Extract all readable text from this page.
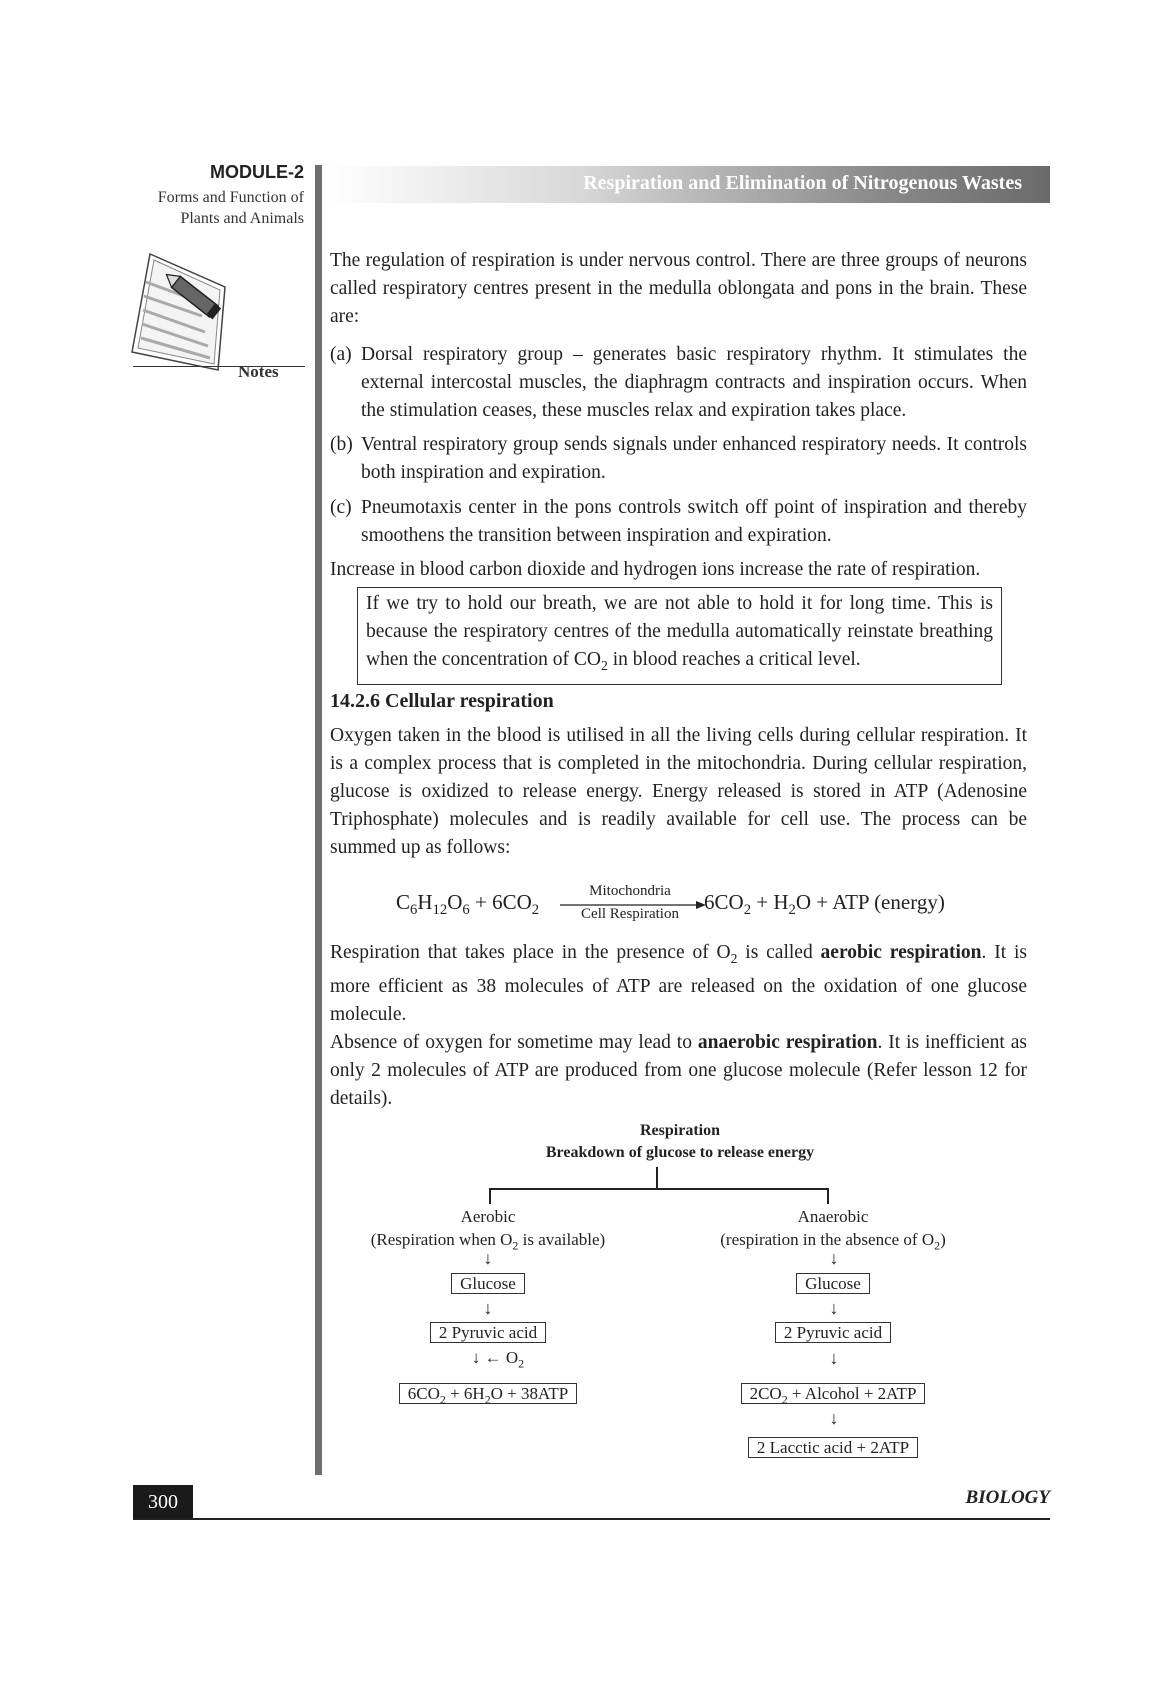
MODULE-2
Forms and Function of
Plants and Animals
Notes
Respiration and Elimination of Nitrogenous Wastes
The regulation of respiration is under nervous control. There are three groups of neurons called respiratory centres present in the medulla oblongata and pons in the brain. These are:
(a) Dorsal respiratory group – generates basic respiratory rhythm. It stimulates the external intercostal muscles, the diaphragm contracts and inspiration occurs. When the stimulation ceases, these muscles relax and expiration takes place.
(b) Ventral respiratory group sends signals under enhanced respiratory needs. It controls both inspiration and expiration.
(c) Pneumotaxis center in the pons controls switch off point of inspiration and thereby smoothens the transition between inspiration and expiration.
Increase in blood carbon dioxide and hydrogen ions increase the rate of respiration.
If we try to hold our breath, we are not able to hold it for long time. This is because the respiratory centres of the medulla automatically reinstate breathing when the concentration of $CO_2$ in blood reaches a critical level.
14.2.6 Cellular respiration
Oxygen taken in the blood is utilised in all the living cells during cellular respiration. It is a complex process that is completed in the mitochondria. During cellular respiration, glucose is oxidized to release energy. Energy released is stored in ATP (Adenosine Triphosphate) molecules and is readily available for cell use. The process can be summed up as follows:
$C_6H_{12}O_6 + 6CO_2$
Mitochondria
Cell Respiration	$6CO_2 + H_2O$ + ATP (energy)
Respiration that takes place in the presence of $O_2$ is called aerobic respiration. It is more efficient as 38 molecules of ATP are released on the oxidation of one glucose molecule.
Absence of oxygen for sometime may lead to anaerobic respiration. It is inefficient as only 2 molecules of ATP are produced from one glucose molecule (Refer lesson 12 for details).
Respiration
Breakdown of glucose to release energy
Aerobic
(Respiration when $O_2$ is available)
↓
Glucose
↓
2 Pyruvic acid
↓ ← $O_2$
$6CO_2 + 6H_2O + 38ATP$
Anaerobic
(respiration in the absence of $O_2$)
↓
Glucose
↓
2 Pyruvic acid
↓
$2CO_2$ + Alcohol + 2ATP
↓
2 Lacctic acid + 2ATP
300	BIOLOGY
